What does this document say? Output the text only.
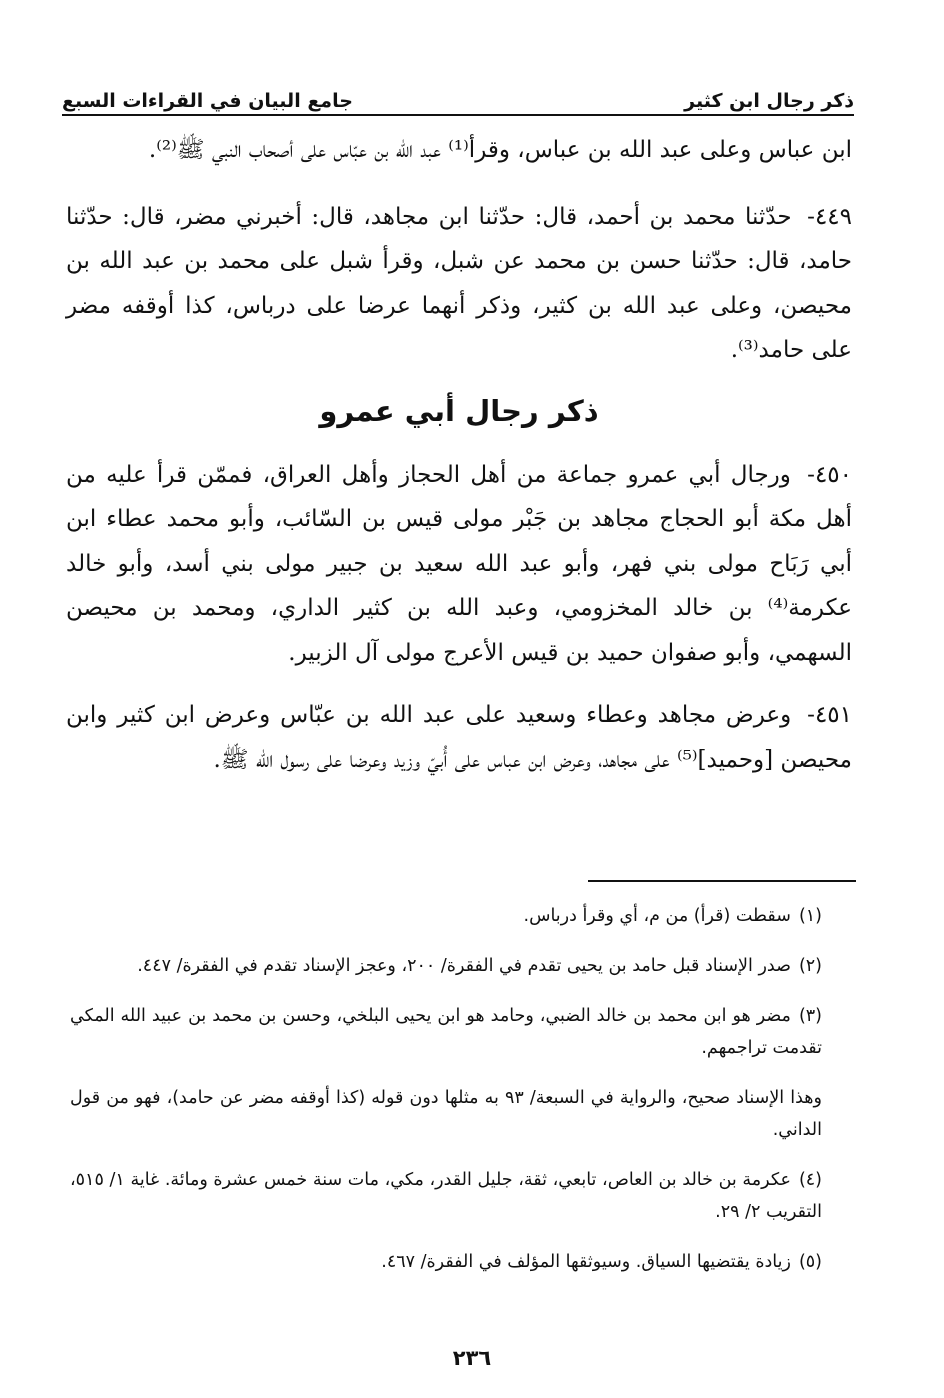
ذكر رجال ابن كثير
جامع البيان في القراءات السبع

ابن عباس وعلى عبد الله بن عباس، وقرأ⁽¹⁾ عبد الله بن عبّاس على أصحاب النبي ﷺ⁽²⁾.

٤٤٩- حدّثنا محمد بن أحمد، قال: حدّثنا ابن مجاهد، قال: أخبرني مضر، قال: حدّثنا حامد، قال: حدّثنا حسن بن محمد عن شبل، وقرأ شبل على محمد بن عبد الله بن محيصن، وعلى عبد الله بن كثير، وذكر أنهما عرضا على درباس، كذا أوقفه مضر على حامد⁽³⁾.

ذكر رجال أبي عمرو

٤٥٠- ورجال أبي عمرو جماعة من أهل الحجاز وأهل العراق، فممّن قرأ عليه من أهل مكة أبو الحجاج مجاهد بن جَبْر مولى قيس بن السّائب، وأبو محمد عطاء ابن أبي رَبَاح مولى بني فهر، وأبو عبد الله سعيد بن جبير مولى بني أسد، وأبو خالد عكرمة⁽⁴⁾ بن خالد المخزومي، وعبد الله بن كثير الداري، ومحمد بن محيصن السهمي، وأبو صفوان حميد بن قيس الأعرج مولى آل الزبير.

٤٥١- وعرض مجاهد وعطاء وسعيد على عبد الله بن عبّاس وعرض ابن كثير وابن محيصن [وحميد]⁽⁵⁾ على مجاهد، وعرض ابن عباس على أُبيّ وزيد وعرضا على رسول الله ﷺ.

(١)سقطت (قرأ) من م، أي وقرأ درباس.
(٢)صدر الإسناد قبل حامد بن يحيى تقدم في الفقرة/ ٢٠٠، وعجز الإسناد تقدم في الفقرة/ ٤٤٧.
(٣)مضر هو ابن محمد بن خالد الضبي، وحامد هو ابن يحيى البلخي، وحسن بن محمد بن عبيد الله المكي تقدمت تراجمهم.
وهذا الإسناد صحيح، والرواية في السبعة/ ٩٣ به مثلها دون قوله (كذا أوقفه مضر عن حامد)، فهو من قول الداني.
(٤)عكرمة بن خالد بن العاص، تابعي، ثقة، جليل القدر، مكي، مات سنة خمس عشرة ومائة. غاية ١/ ٥١٥، التقريب ٢/ ٢٩.
(٥)زيادة يقتضيها السياق. وسيوثقها المؤلف في الفقرة/ ٤٦٧.
٢٣٦
